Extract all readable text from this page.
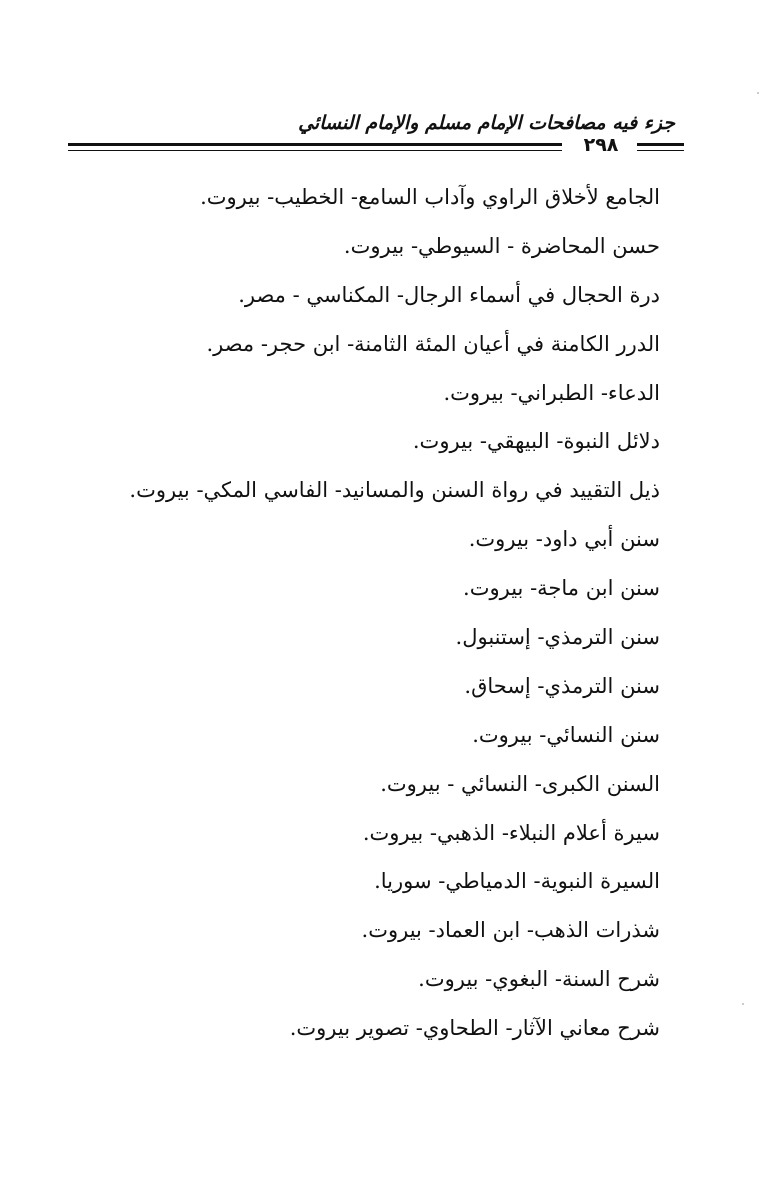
جزء فيه مصافحات الإمام مسلم والإمام النسائي
٢٩٨
الجامع لأخلاق الراوي وآداب السامع- الخطيب- بيروت.
حسن المحاضرة - السيوطي- بيروت.
درة الحجال في أسماء الرجال- المكناسي - مصر.
الدرر الكامنة في أعيان المئة الثامنة- ابن حجر- مصر.
الدعاء- الطبراني- بيروت.
دلائل النبوة- البيهقي- بيروت.
ذيل التقييد في رواة السنن والمسانيد- الفاسي المكي- بيروت.
سنن أبي داود- بيروت.
سنن ابن ماجة- بيروت.
سنن الترمذي- إستنبول.
سنن الترمذي- إسحاق.
سنن النسائي- بيروت.
السنن الكبرى- النسائي - بيروت.
سيرة أعلام النبلاء- الذهبي- بيروت.
السيرة النبوية- الدمياطي- سوريا.
شذرات الذهب- ابن العماد- بيروت.
شرح السنة- البغوي- بيروت.
شرح معاني الآثار- الطحاوي- تصوير بيروت.
